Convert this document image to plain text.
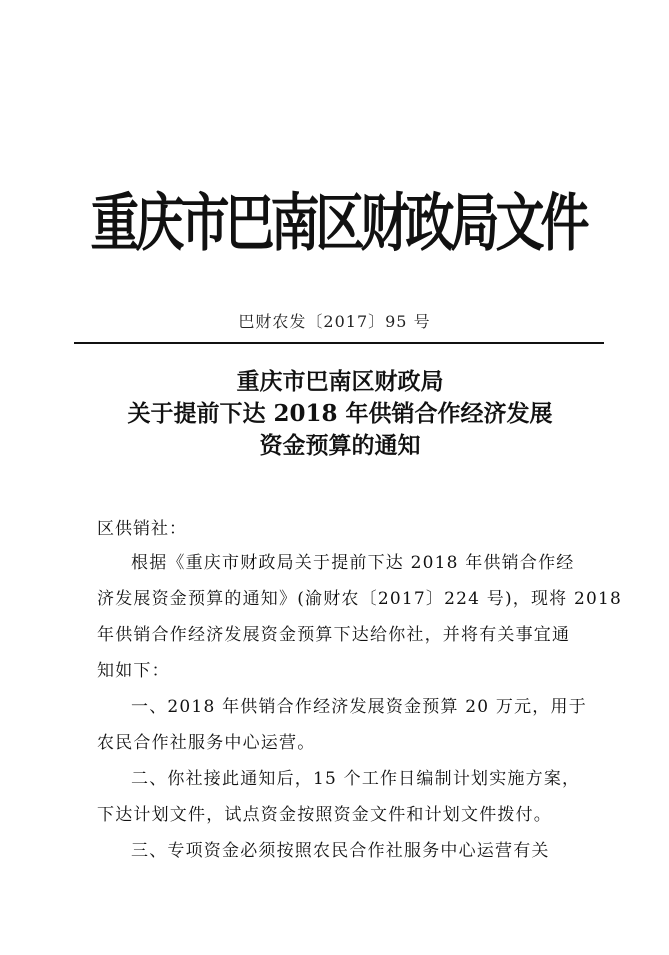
重庆市巴南区财政局文件
巴财农发〔2017〕95 号
重庆市巴南区财政局
关于提前下达 2018 年供销合作经济发展
资金预算的通知
区供销社：
根据《重庆市财政局关于提前下达 2018 年供销合作经
济发展资金预算的通知》(渝财农〔2017〕224 号)，现将 2018
年供销合作经济发展资金预算下达给你社，并将有关事宜通
知如下：
一、2018 年供销合作经济发展资金预算 20 万元，用于
农民合作社服务中心运营。
二、你社接此通知后，15 个工作日编制计划实施方案，
下达计划文件，试点资金按照资金文件和计划文件拨付。
三、专项资金必须按照农民合作社服务中心运营有关
